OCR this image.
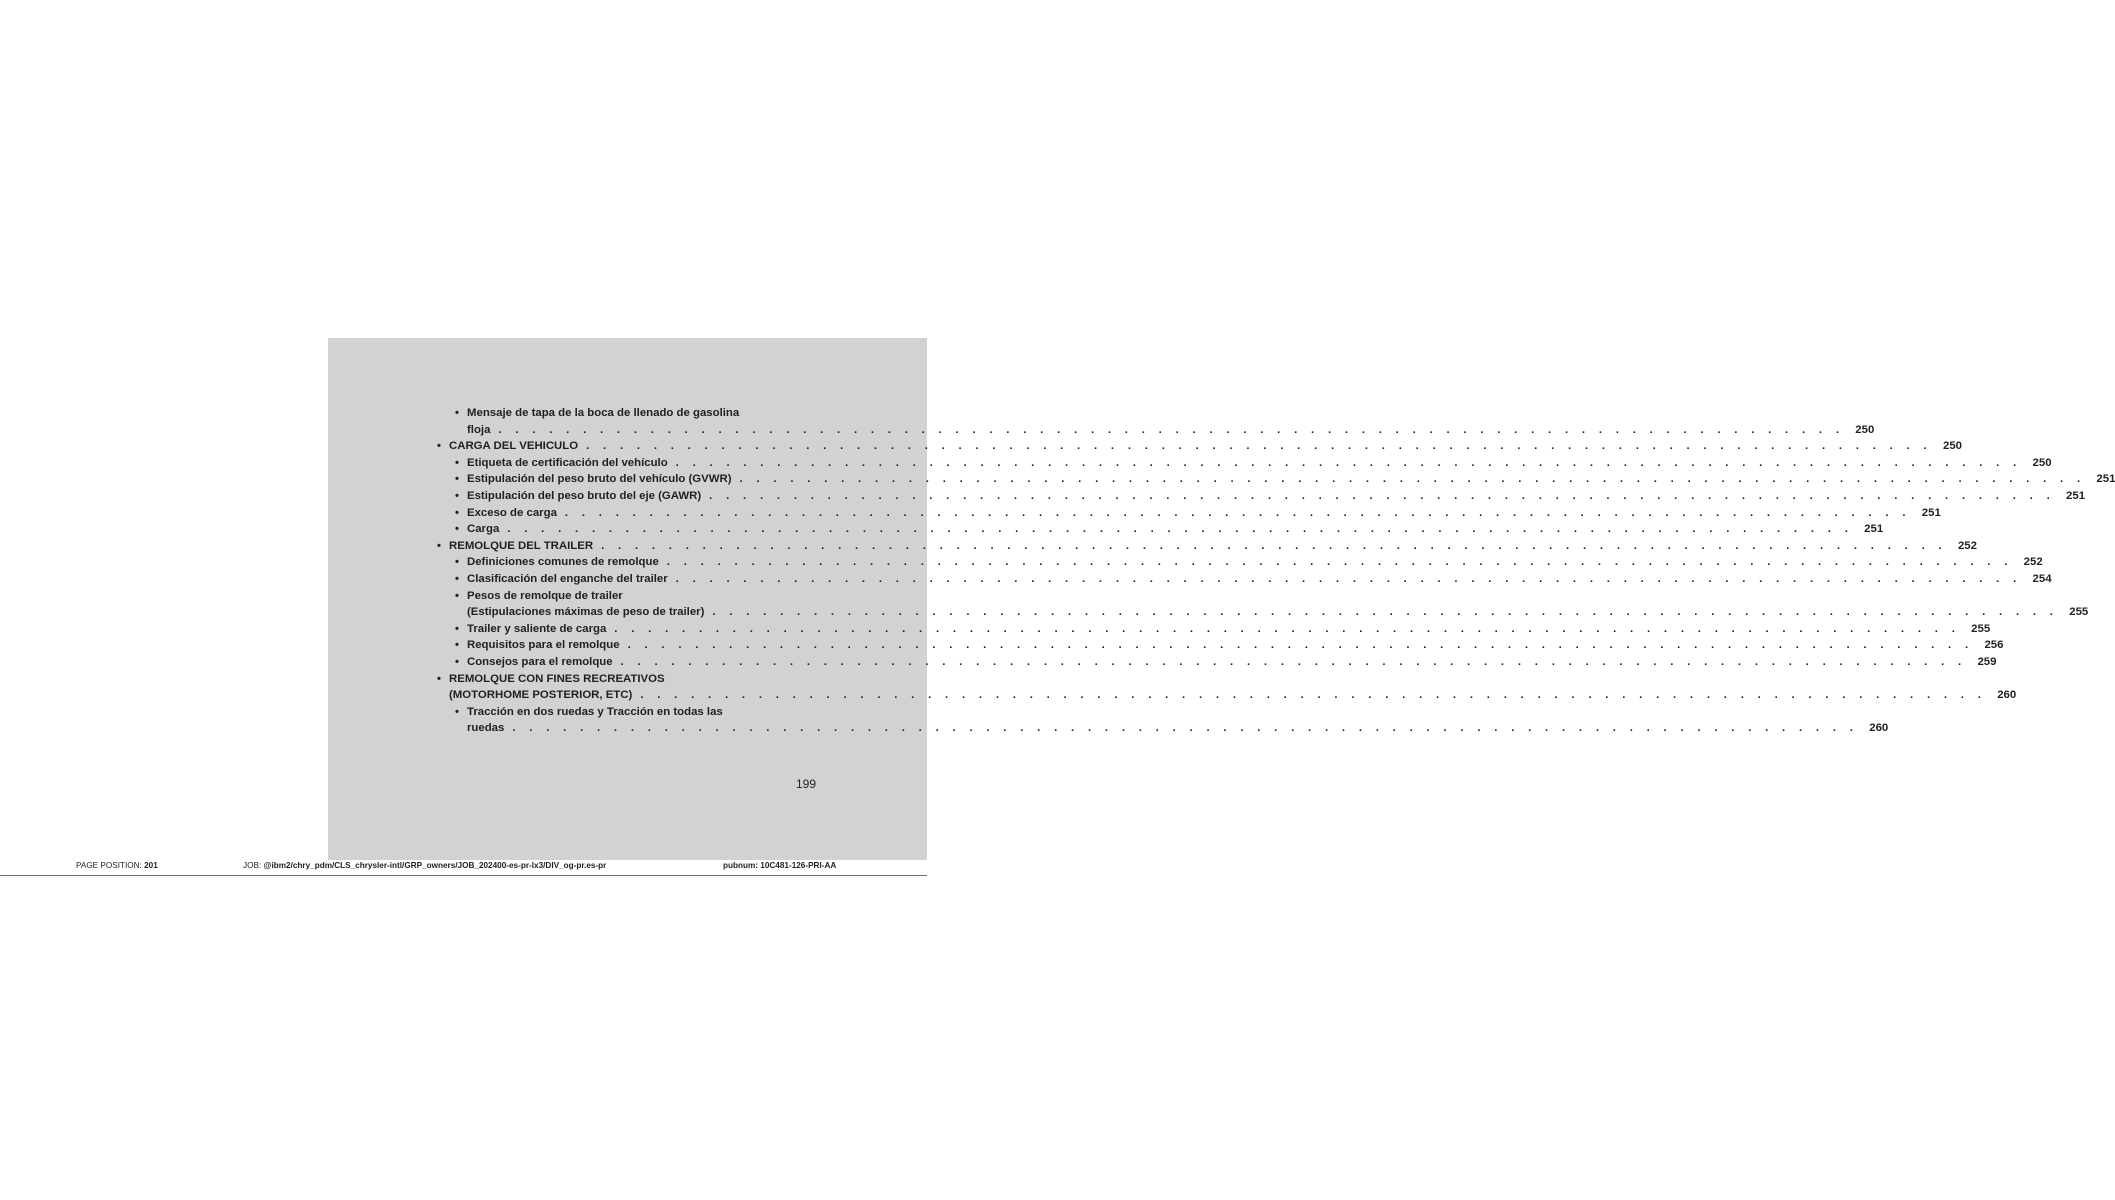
• Mensaje de tapa de la boca de llenado de gasolina
floja . . . . . . . . . . . . . . . . . . . . . . . . . . . . . . . . . . . . . . . . . . . . . . . . . . . . . . . . . . . . . . . . . . . . . . . . . . . . . . . . 250
• CARGA DEL VEHICULO . . . . . . . . . . . . . . . . . . . . . . . . . . . . . . . . . . . . . . . . . . . . . . . . . . . . . . . . . . . . . . . . . . . . . . . . . . . . . . . . 250
• Etiqueta de certificación del vehículo . . . . . . . . . . . . . . . . . . . . . . . . . . . . . . . . . . . . . . . . . . . . . . . . . . . . . . . . . . . . . . . . . . . . . . . . . . . . . . . . 250
• Estipulación del peso bruto del vehículo (GVWR) . . . . . . . . . . . . . . . . . . . . . . . . . . . . . . . . . . . . . . . . . . . . . . . . . . . . . . . . . . . . . . . . . . . . . . . . . . . . . . . . 251
• Estipulación del peso bruto del eje (GAWR) . . . . . . . . . . . . . . . . . . . . . . . . . . . . . . . . . . . . . . . . . . . . . . . . . . . . . . . . . . . . . . . . . . . . . . . . . . . . . . . . 251
• Exceso de carga . . . . . . . . . . . . . . . . . . . . . . . . . . . . . . . . . . . . . . . . . . . . . . . . . . . . . . . . . . . . . . . . . . . . . . . . . . . . . . . . 251
• Carga . . . . . . . . . . . . . . . . . . . . . . . . . . . . . . . . . . . . . . . . . . . . . . . . . . . . . . . . . . . . . . . . . . . . . . . . . . . . . . . . 251
• REMOLQUE DEL TRAILER . . . . . . . . . . . . . . . . . . . . . . . . . . . . . . . . . . . . . . . . . . . . . . . . . . . . . . . . . . . . . . . . . . . . . . . . . . . . . . . . 252
• Definiciones comunes de remolque . . . . . . . . . . . . . . . . . . . . . . . . . . . . . . . . . . . . . . . . . . . . . . . . . . . . . . . . . . . . . . . . . . . . . . . . . . . . . . . . 252
• Clasificación del enganche del trailer . . . . . . . . . . . . . . . . . . . . . . . . . . . . . . . . . . . . . . . . . . . . . . . . . . . . . . . . . . . . . . . . . . . . . . . . . . . . . . . . 254
• Pesos de remolque de trailer
(Estipulaciones máximas de peso de trailer) . . . . . . . . . . . . . . . . . . . . . . . . . . . . . . . . . . . . . . . . . . . . . . . . . . . . . . . . . . . . . . . . . . . . . . . . . . . . . . . . 255
• Trailer y saliente de carga . . . . . . . . . . . . . . . . . . . . . . . . . . . . . . . . . . . . . . . . . . . . . . . . . . . . . . . . . . . . . . . . . . . . . . . . . . . . . . . . 255
• Requisitos para el remolque . . . . . . . . . . . . . . . . . . . . . . . . . . . . . . . . . . . . . . . . . . . . . . . . . . . . . . . . . . . . . . . . . . . . . . . . . . . . . . . . 256
• Consejos para el remolque . . . . . . . . . . . . . . . . . . . . . . . . . . . . . . . . . . . . . . . . . . . . . . . . . . . . . . . . . . . . . . . . . . . . . . . . . . . . . . . . 259
• REMOLQUE CON FINES RECREATIVOS
(MOTORHOME POSTERIOR, ETC) . . . . . . . . . . . . . . . . . . . . . . . . . . . . . . . . . . . . . . . . . . . . . . . . . . . . . . . . . . . . . . . . . . . . . . . . . . . . . . . . 260
• Tracción en dos ruedas y Tracción en todas las
ruedas . . . . . . . . . . . . . . . . . . . . . . . . . . . . . . . . . . . . . . . . . . . . . . . . . . . . . . . . . . . . . . . . . . . . . . . . . . . . . . . . 260
199
PAGE POSITION: 201	JOB: @ibm2/chry_pdm/CLS_chrysler-intl/GRP_owners/JOB_202400-es-pr-lx3/DIV_og-pr.es-pr	pubnum: 10C481-126-PRI-AA
